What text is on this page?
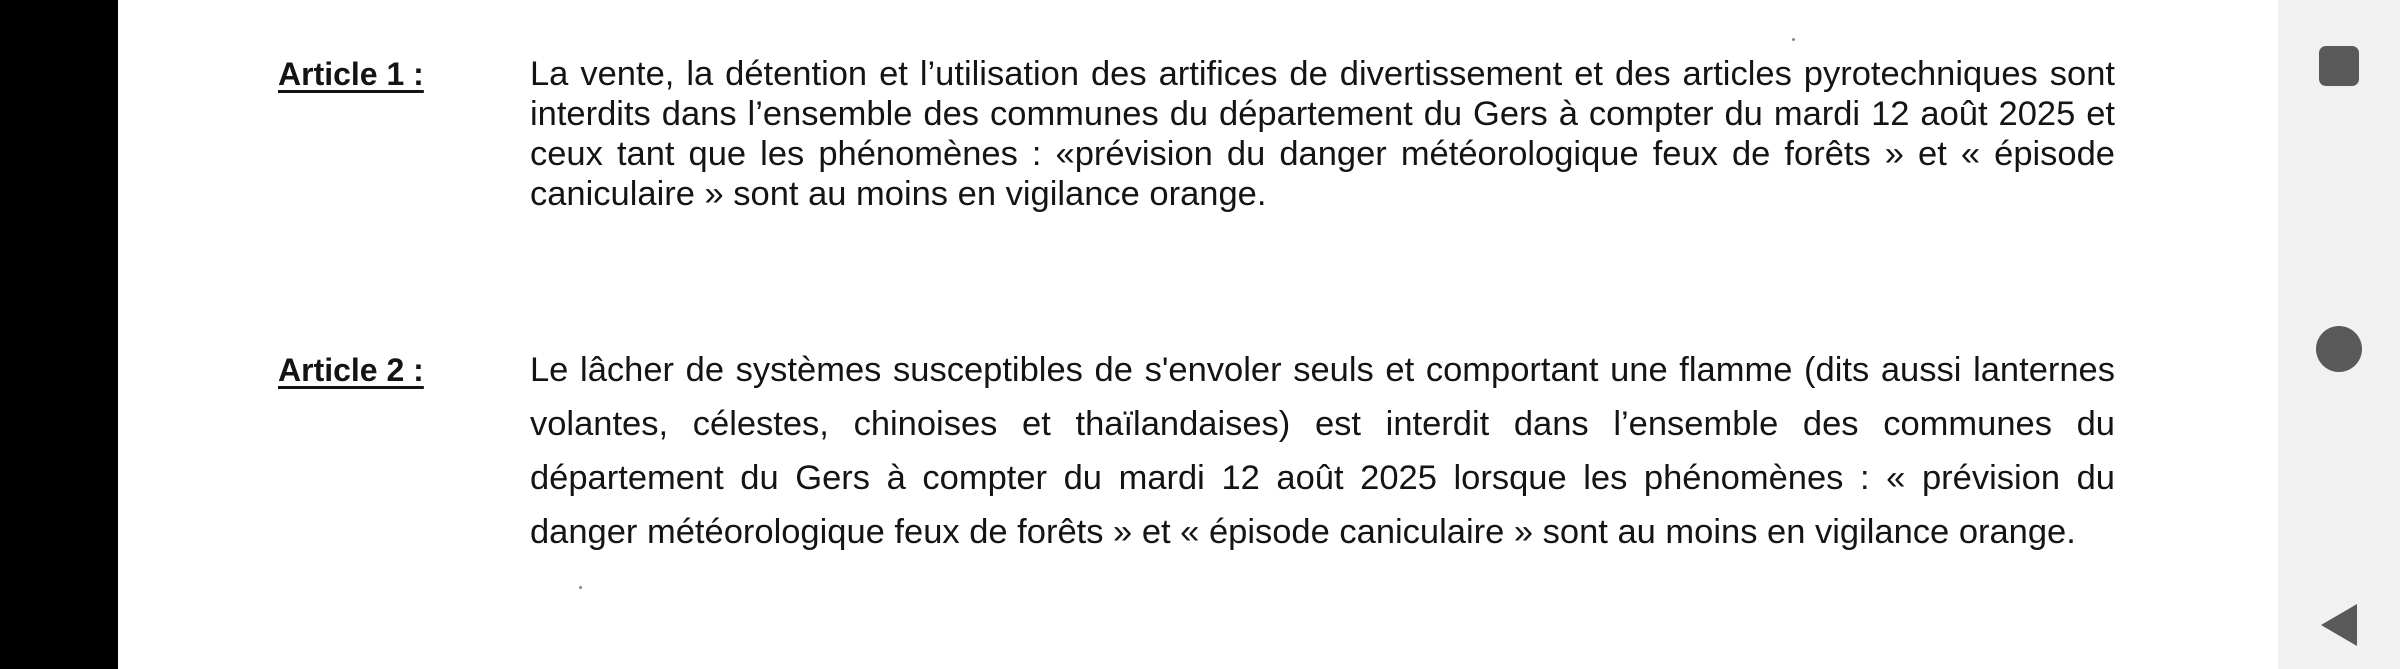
Article 1 :	La vente, la détention et l’utilisation des artifices de divertissement et des articles pyrotechniques sont interdits dans l’ensemble des communes du département du Gers à compter du mardi 12 août 2025 et ceux tant que les phénomènes : «prévision du danger météorologique feux de forêts » et « épisode caniculaire » sont au moins en vigilance orange.

Article 2 :	Le lâcher de systèmes susceptibles de s'envoler seuls et comportant une flamme (dits aussi lanternes volantes, célestes, chinoises et thaïlandaises) est interdit dans l’ensemble des communes du département du Gers à compter du mardi 12 août 2025 lorsque les phénomènes : « prévision du danger météorologique feux de forêts » et « épisode caniculaire » sont au moins en vigilance orange.
